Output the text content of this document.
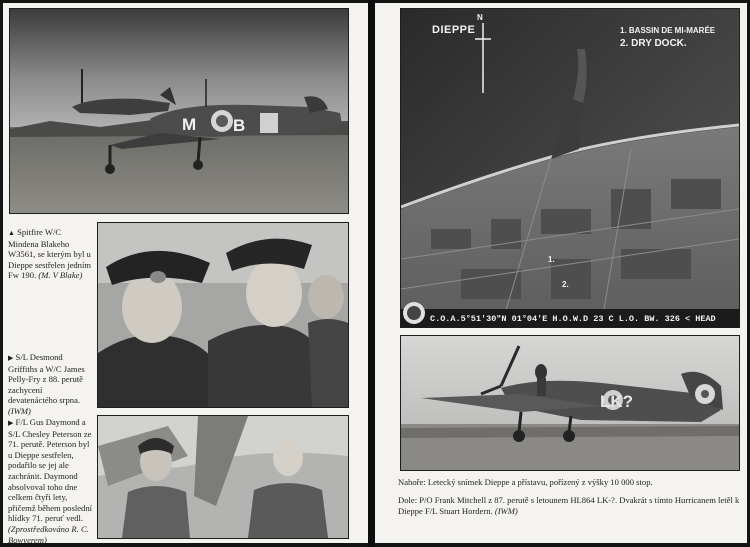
M B
▲ Spitfire W/C Mindena Blakeho W3561, se kterým byl u Dieppe sestřelen jedním Fw 190. (M. V Blake)
▶ S/L Desmond Griffiths a W/C James Pelly-Fry z 88. perutě zachycení devatenáctého srpna. (IWM)
▶ F/L Gus Daymond a S/L Chesley Peterson ze 71. perutě. Peterson byl u Dieppe sestřelen, podařilo se jej ale zachránit. Daymond absolvoval toho dne celkem čtyři lety, přičemž během poslední hlídky 71. peruť vedl. (Zprostředkováno R. C. Bowyerem)
DIEPPE
N
1. BASSIN DE MI-MARÉE
2. DRY DOCK.
1.
2.
C.O.A.5°51'30"N 01°04'E H.O.W.D 23 C L.O. BW. 326 < HEAD
LK?
Nahoře: Letecký snímek Dieppe a přístavu, pořízený z výšky 10 000 stop.
Dole: P/O Frank Mitchell z 87. perutě s letounem HL864 LK-?. Dvakrát s tímto Hurricanem letěl k Dieppe F/L Stuart Hordern. (IWM)
